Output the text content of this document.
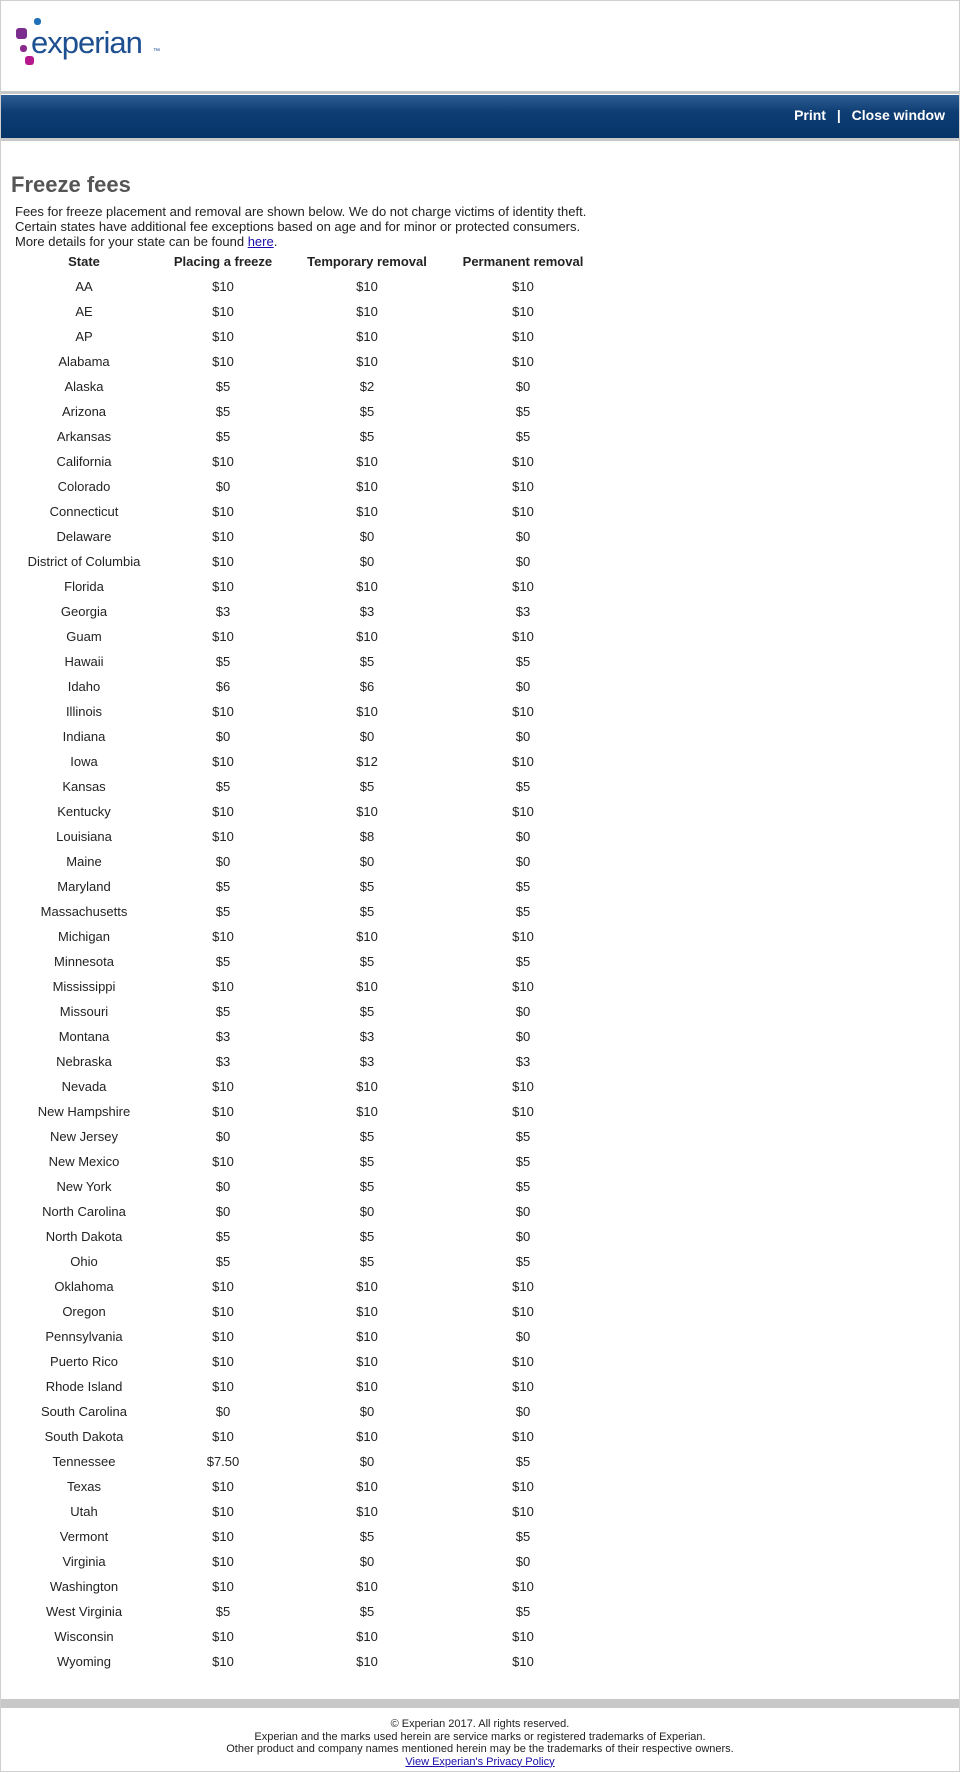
experian ™
Print | Close window
Freeze fees
Fees for freeze placement and removal are shown below. We do not charge victims of identity theft.
Certain states have additional fee exceptions based on age and for minor or protected consumers.
More details for your state can be found here.
State	Placing a freeze	Temporary removal	Permanent removal
AA	$10	$10	$10
AE	$10	$10	$10
AP	$10	$10	$10
Alabama	$10	$10	$10
Alaska	$5	$2	$0
Arizona	$5	$5	$5
Arkansas	$5	$5	$5
California	$10	$10	$10
Colorado	$0	$10	$10
Connecticut	$10	$10	$10
Delaware	$10	$0	$0
District of Columbia	$10	$0	$0
Florida	$10	$10	$10
Georgia	$3	$3	$3
Guam	$10	$10	$10
Hawaii	$5	$5	$5
Idaho	$6	$6	$0
Illinois	$10	$10	$10
Indiana	$0	$0	$0
Iowa	$10	$12	$10
Kansas	$5	$5	$5
Kentucky	$10	$10	$10
Louisiana	$10	$8	$0
Maine	$0	$0	$0
Maryland	$5	$5	$5
Massachusetts	$5	$5	$5
Michigan	$10	$10	$10
Minnesota	$5	$5	$5
Mississippi	$10	$10	$10
Missouri	$5	$5	$0
Montana	$3	$3	$0
Nebraska	$3	$3	$3
Nevada	$10	$10	$10
New Hampshire	$10	$10	$10
New Jersey	$0	$5	$5
New Mexico	$10	$5	$5
New York	$0	$5	$5
North Carolina	$0	$0	$0
North Dakota	$5	$5	$0
Ohio	$5	$5	$5
Oklahoma	$10	$10	$10
Oregon	$10	$10	$10
Pennsylvania	$10	$10	$0
Puerto Rico	$10	$10	$10
Rhode Island	$10	$10	$10
South Carolina	$0	$0	$0
South Dakota	$10	$10	$10
Tennessee	$7.50	$0	$5
Texas	$10	$10	$10
Utah	$10	$10	$10
Vermont	$10	$5	$5
Virginia	$10	$0	$0
Washington	$10	$10	$10
West Virginia	$5	$5	$5
Wisconsin	$10	$10	$10
Wyoming	$10	$10	$10
© Experian 2017. All rights reserved.
Experian and the marks used herein are service marks or registered trademarks of Experian.
Other product and company names mentioned herein may be the trademarks of their respective owners.
View Experian's Privacy Policy
